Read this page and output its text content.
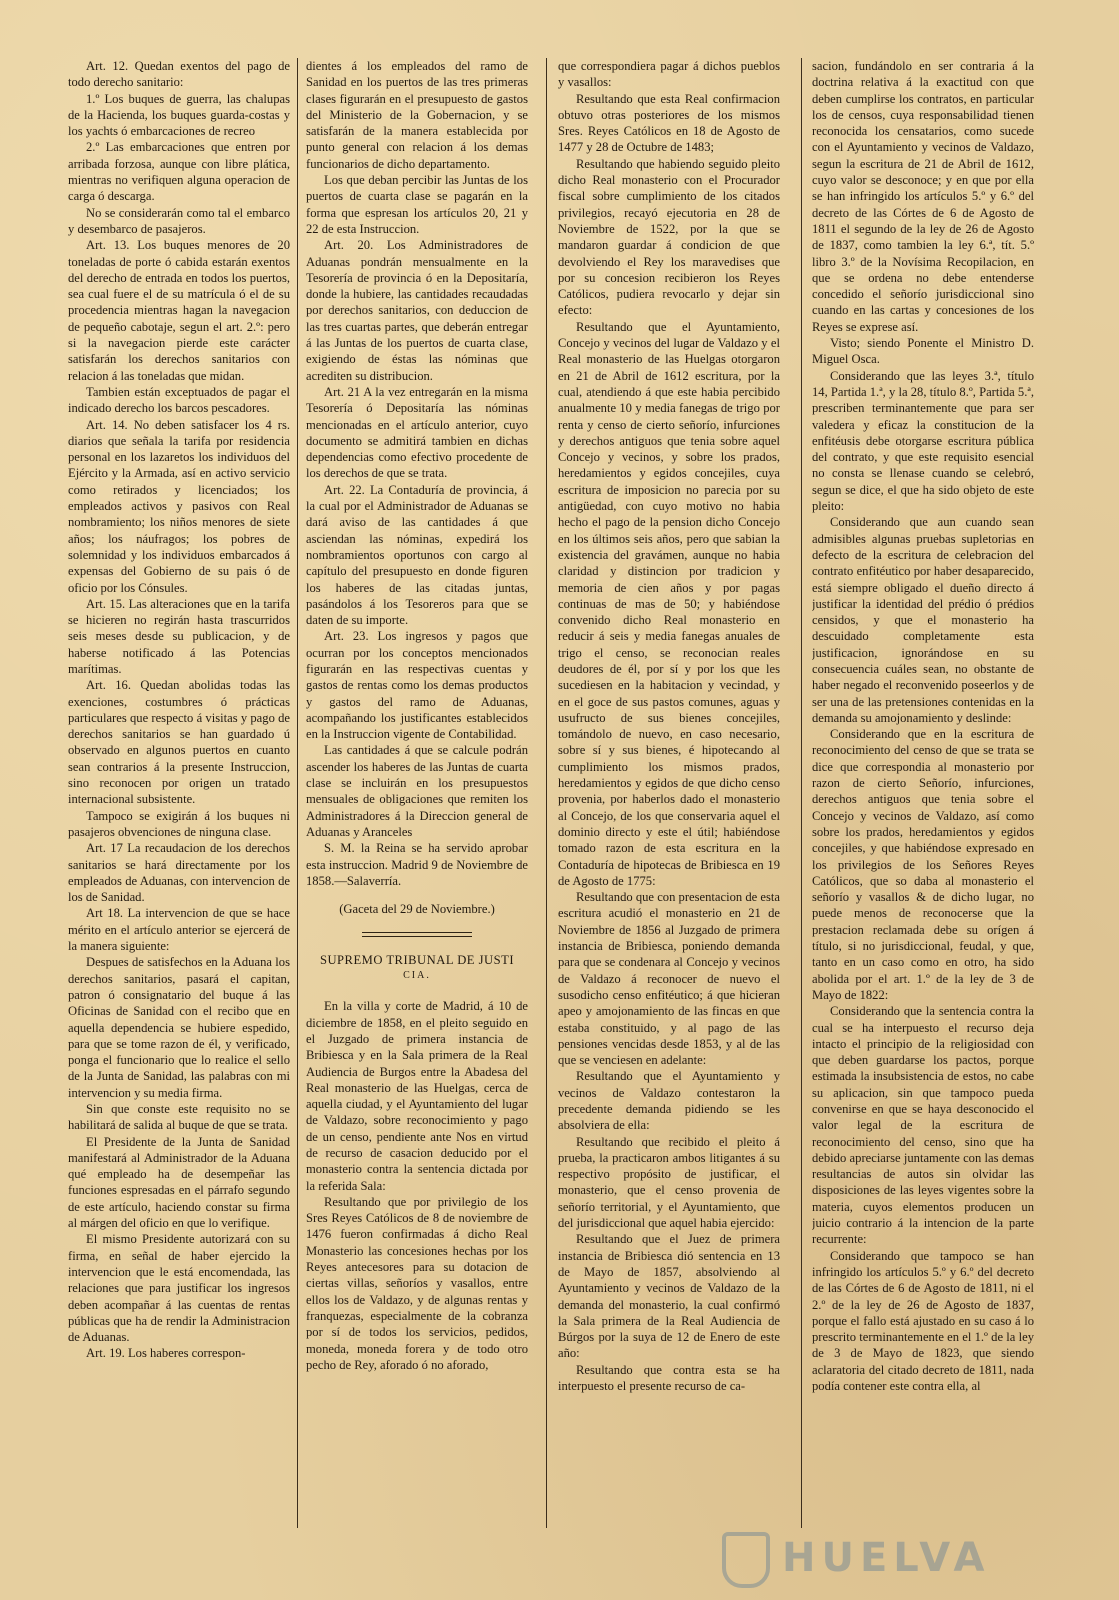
Art. 12. Quedan exentos del pago de todo derecho sanitario:

1.º Los buques de guerra, las chalupas de la Hacienda, los buques guarda-costas y los yachts ó embarcaciones de recreo

2.º Las embarcaciones que entren por arribada forzosa, aunque con libre plática, mientras no verifiquen alguna operacion de carga ó descarga.

No se considerarán como tal el embarco y desembarco de pasajeros.

Art. 13. Los buques menores de 20 toneladas de porte ó cabida estarán exentos del derecho de entrada en todos los puertos, sea cual fuere el de su matrícula ó el de su procedencia mientras hagan la navegacion de pequeño cabotaje, segun el art. 2.º: pero si la navegacion pierde este carácter satisfarán los derechos sanitarios con relacion á las toneladas que midan.

Tambien están exceptuados de pagar el indicado derecho los barcos pescadores.

Art. 14. No deben satisfacer los 4 rs. diarios que señala la tarifa por residencia personal en los lazaretos los individuos del Ejército y la Armada, así en activo servicio como retirados y licenciados; los empleados activos y pasivos con Real nombramiento; los niños menores de siete años; los náufragos; los pobres de solemnidad y los individuos embarcados á expensas del Gobierno de su pais ó de oficio por los Cónsules.

Art. 15. Las alteraciones que en la tarifa se hicieren no regirán hasta trascurridos seis meses desde su publicacion, y de haberse notificado á las Potencias marítimas.

Art. 16. Quedan abolidas todas las exenciones, costumbres ó prácticas particulares que respecto á visitas y pago de derechos sanitarios se han guardado ú observado en algunos puertos en cuanto sean contrarios á la presente Instruccion, sino reconocen por origen un tratado internacional subsistente.

Tampoco se exigirán á los buques ni pasajeros obvenciones de ninguna clase.

Art. 17 La recaudacion de los derechos sanitarios se hará directamente por los empleados de Aduanas, con intervencion de los de Sanidad.

Art 18. La intervencion de que se hace mérito en el artículo anterior se ejercerá de la manera siguiente:

Despues de satisfechos en la Aduana los derechos sanitarios, pasará el capitan, patron ó consignatario del buque á las Oficinas de Sanidad con el recibo que en aquella dependencia se hubiere espedido, para que se tome razon de él, y verificado, ponga el funcionario que lo realice el sello de la Junta de Sanidad, las palabras con mi intervencion y su media firma.

Sin que conste este requisito no se habilitará de salida al buque de que se trata.

El Presidente de la Junta de Sanidad manifestará al Administrador de la Aduana qué empleado ha de desempeñar las funciones espresadas en el párrafo segundo de este artículo, haciendo constar su firma al márgen del oficio en que lo verifique.

El mismo Presidente autorizará con su firma, en señal de haber ejercido la intervencion que le está encomendada, las relaciones que para justificar los ingresos deben acompañar á las cuentas de rentas públicas que ha de rendir la Administracion de Aduanas.

Art. 19. Los haberes correspon-

dientes á los empleados del ramo de Sanidad en los puertos de las tres primeras clases figurarán en el presupuesto de gastos del Ministerio de la Gobernacion, y se satisfarán de la manera establecida por punto general con relacion á los demas funcionarios de dicho departamento.

Los que deban percibir las Juntas de los puertos de cuarta clase se pagarán en la forma que espresan los artículos 20, 21 y 22 de esta Instruccion.

Art. 20. Los Administradores de Aduanas pondrán mensualmente en la Tesorería de provincia ó en la Depositaría, donde la hubiere, las cantidades recaudadas por derechos sanitarios, con deduccion de las tres cuartas partes, que deberán entregar á las Juntas de los puertos de cuarta clase, exigiendo de éstas las nóminas que acrediten su distribucion.

Art. 21 A la vez entregarán en la misma Tesorería ó Depositaría las nóminas mencionadas en el artículo anterior, cuyo documento se admitirá tambien en dichas dependencias como efectivo procedente de los derechos de que se trata.

Art. 22. La Contaduría de provincia, á la cual por el Administrador de Aduanas se dará aviso de las cantidades á que asciendan las nóminas, expedirá los nombramientos oportunos con cargo al capítulo del presupuesto en donde figuren los haberes de las citadas juntas, pasándolos á los Tesoreros para que se daten de su importe.

Art. 23. Los ingresos y pagos que ocurran por los conceptos mencionados figurarán en las respectivas cuentas y gastos de rentas como los demas productos y gastos del ramo de Aduanas, acompañando los justificantes establecidos en la Instruccion vigente de Contabilidad.

Las cantidades á que se calcule podrán ascender los haberes de las Juntas de cuarta clase se incluirán en los presupuestos mensuales de obligaciones que remiten los Administradores á la Direccion general de Aduanas y Aranceles

S. M. la Reina se ha servido aprobar esta instruccion. Madrid 9 de Noviembre de 1858.—Salaverría.

(Gaceta del 29 de Noviembre.)

SUPREMO TRIBUNAL DE JUSTI
CIA.

En la villa y corte de Madrid, á 10 de diciembre de 1858, en el pleito seguido en el Juzgado de primera instancia de Bribiesca y en la Sala primera de la Real Audiencia de Burgos entre la Abadesa del Real monasterio de las Huelgas, cerca de aquella ciudad, y el Ayuntamiento del lugar de Valdazo, sobre reconocimiento y pago de un censo, pendiente ante Nos en virtud de recurso de casacion deducido por el monasterio contra la sentencia dictada por la referida Sala:

Resultando que por privilegio de los Sres Reyes Católicos de 8 de noviembre de 1476 fueron confirmadas á dicho Real Monasterio las concesiones hechas por los Reyes antecesores para su dotacion de ciertas villas, señoríos y vasallos, entre ellos los de Valdazo, y de algunas rentas y franquezas, especialmente de la cobranza por sí de todos los servicios, pedidos, moneda, moneda forera y de todo otro pecho de Rey, aforado ó no aforado,

que correspondiera pagar á dichos pueblos y vasallos:

Resultando que esta Real confirmacion obtuvo otras posteriores de los mismos Sres. Reyes Católicos en 18 de Agosto de 1477 y 28 de Octubre de 1483;

Resultando que habiendo seguido pleito dicho Real monasterio con el Procurador fiscal sobre cumplimiento de los citados privilegios, recayó ejecutoria en 28 de Noviembre de 1522, por la que se mandaron guardar á condicion de que devolviendo el Rey los maravedises que por su concesion recibieron los Reyes Católicos, pudiera revocarlo y dejar sin efecto:

Resultando que el Ayuntamiento, Concejo y vecinos del lugar de Valdazo y el Real monasterio de las Huelgas otorgaron en 21 de Abril de 1612 escritura, por la cual, atendiendo á que este habia percibido anualmente 10 y media fanegas de trigo por renta y censo de cierto señorío, infurciones y derechos antiguos que tenia sobre aquel Concejo y vecinos, y sobre los prados, heredamientos y egidos concejiles, cuya escritura de imposicion no parecia por su antigüedad, con cuyo motivo no habia hecho el pago de la pension dicho Concejo en los últimos seis años, pero que sabian la existencia del gravámen, aunque no habia claridad y distincion por tradicion y memoria de cien años y por pagas continuas de mas de 50; y habiéndose convenido dicho Real monasterio en reducir á seis y media fanegas anuales de trigo el censo, se reconocian reales deudores de él, por sí y por los que les sucediesen en la habitacion y vecindad, y en el goce de sus pastos comunes, aguas y usufructo de sus bienes concejiles, tomándolo de nuevo, en caso necesario, sobre sí y sus bienes, é hipotecando al cumplimiento los mismos prados, heredamientos y egidos de que dicho censo provenia, por haberlos dado el monasterio al Concejo, de los que conservaria aquel el dominio directo y este el útil; habiéndose tomado razon de esta escritura en la Contaduría de hipotecas de Bribiesca en 19 de Agosto de 1775:

Resultando que con presentacion de esta escritura acudió el monasterio en 21 de Noviembre de 1856 al Juzgado de primera instancia de Bribiesca, poniendo demanda para que se condenara al Concejo y vecinos de Valdazo á reconocer de nuevo el susodicho censo enfitéutico; á que hicieran apeo y amojonamiento de las fincas en que estaba constituido, y al pago de las pensiones vencidas desde 1853, y al de las que se venciesen en adelante:

Resultando que el Ayuntamiento y vecinos de Valdazo contestaron la precedente demanda pidiendo se les absolviera de ella:

Resultando que recibido el pleito á prueba, la practicaron ambos litigantes á su respectivo propósito de justificar, el monasterio, que el censo provenia de señorío territorial, y el Ayuntamiento, que del jurisdiccional que aquel habia ejercido:

Resultando que el Juez de primera instancia de Bribiesca dió sentencia en 13 de Mayo de 1857, absolviendo al Ayuntamiento y vecinos de Valdazo de la demanda del monasterio, la cual confirmó la Sala primera de la Real Audiencia de Búrgos por la suya de 12 de Enero de este año:

Resultando que contra esta se ha interpuesto el presente recurso de ca-

sacion, fundándolo en ser contraria á la doctrina relativa á la exactitud con que deben cumplirse los contratos, en particular los de censos, cuya responsabilidad tienen reconocida los censatarios, como sucede con el Ayuntamiento y vecinos de Valdazo, segun la escritura de 21 de Abril de 1612, cuyo valor se desconoce; y en que por ella se han infringido los artículos 5.º y 6.º del decreto de las Córtes de 6 de Agosto de 1811 el segundo de la ley de 26 de Agosto de 1837, como tambien la ley 6.ª, tít. 5.º libro 3.º de la Novísima Recopilacion, en que se ordena no debe entenderse concedido el señorío jurisdiccional sino cuando en las cartas y concesiones de los Reyes se exprese así.

Visto; siendo Ponente el Ministro D. Miguel Osca.

Considerando que las leyes 3.ª, título 14, Partida 1.ª, y la 28, título 8.º, Partida 5.ª, prescriben terminantemente que para ser valedera y eficaz la constitucion de la enfitéusis debe otorgarse escritura pública del contrato, y que este requisito esencial no consta se llenase cuando se celebró, segun se dice, el que ha sido objeto de este pleito:

Considerando que aun cuando sean admisibles algunas pruebas supletorias en defecto de la escritura de celebracion del contrato enfitéutico por haber desaparecido, está siempre obligado el dueño directo á justificar la identidad del prédio ó prédios censidos, y que el monasterio ha descuidado completamente esta justificacion, ignorándose en su consecuencia cuáles sean, no obstante de haber negado el reconvenido poseerlos y de ser una de las pretensiones contenidas en la demanda su amojonamiento y deslinde:

Considerando que en la escritura de reconocimiento del censo de que se trata se dice que correspondia al monasterio por razon de cierto Señorío, infurciones, derechos antiguos que tenia sobre el Concejo y vecinos de Valdazo, así como sobre los prados, heredamientos y egidos concejiles, y que habiéndose expresado en los privilegios de los Señores Reyes Católicos, que so daba al monasterio el señorío y vasallos & de dicho lugar, no puede menos de reconocerse que la prestacion reclamada debe su orígen á título, si no jurisdiccional, feudal, y que, tanto en un caso como en otro, ha sido abolida por el art. 1.º de la ley de 3 de Mayo de 1822:

Considerando que la sentencia contra la cual se ha interpuesto el recurso deja intacto el principio de la religiosidad con que deben guardarse los pactos, porque estimada la insubsistencia de estos, no cabe su aplicacion, sin que tampoco pueda convenirse en que se haya desconocido el valor legal de la escritura de reconocimiento del censo, sino que ha debido apreciarse juntamente con las demas resultancias de autos sin olvidar las disposiciones de las leyes vigentes sobre la materia, cuyos elementos producen un juicio contrario á la intencion de la parte recurrente:

Considerando que tampoco se han infringido los artículos 5.º y 6.º del decreto de las Córtes de 6 de Agosto de 1811, ni el 2.º de la ley de 26 de Agosto de 1837, porque el fallo está ajustado en su caso á lo prescrito terminantemente en el 1.º de la ley de 3 de Mayo de 1823, que siendo aclaratoria del citado decreto de 1811, nada podía contener este contra ella, al

HUELVA
